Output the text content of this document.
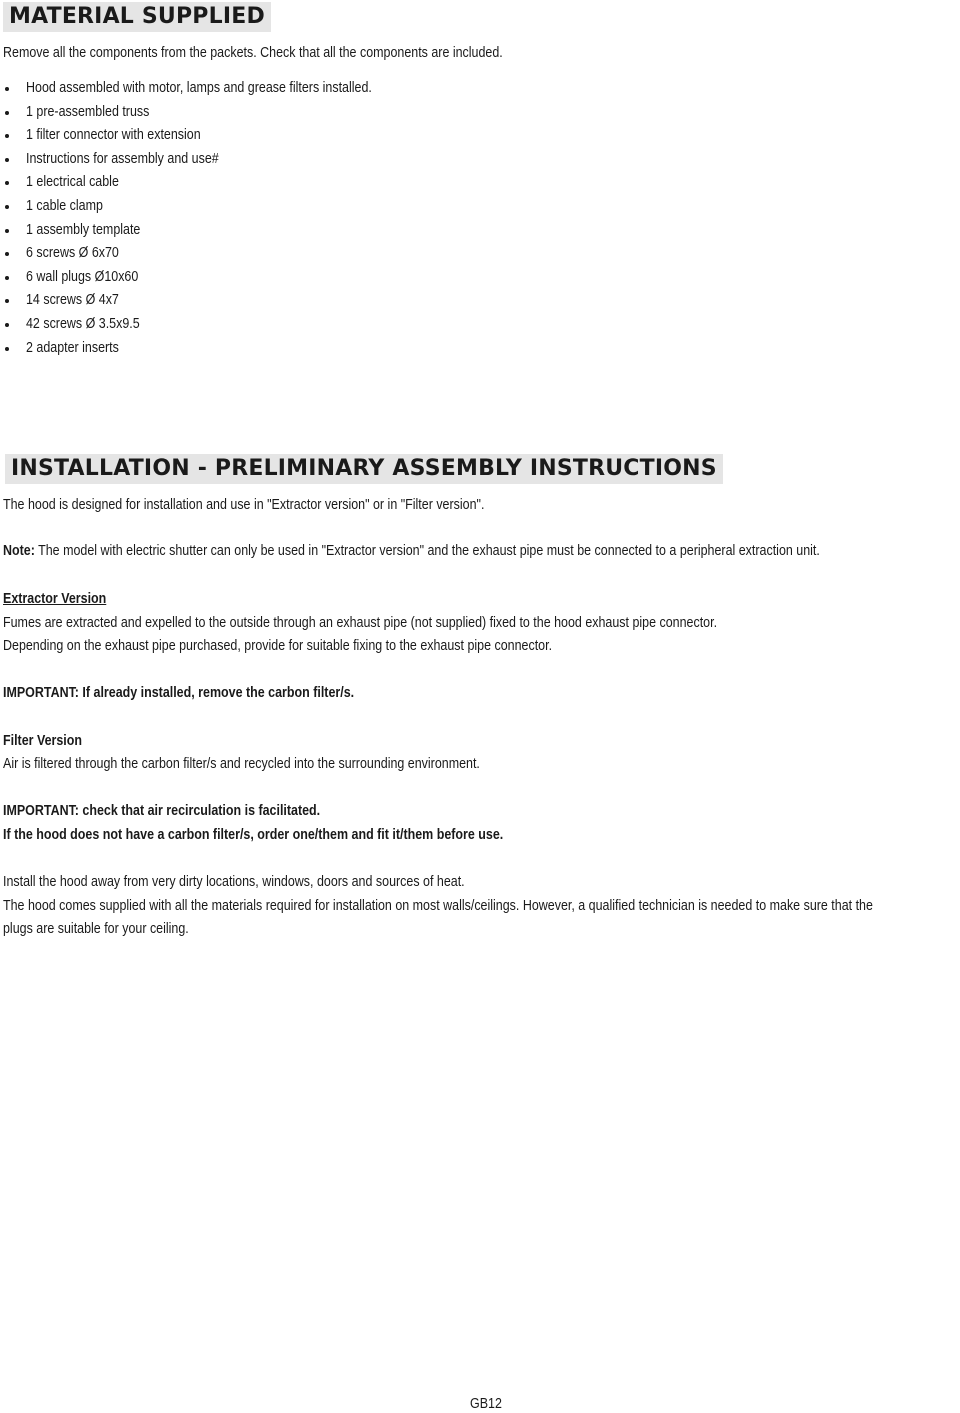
MATERIAL SUPPLIED
Remove all the components from the packets. Check that all the components are included.
Hood assembled with motor, lamps and grease filters installed.
1 pre-assembled truss
1 filter connector with extension
Instructions for assembly and use#
1 electrical cable
1 cable clamp
1 assembly template
6 screws Ø 6x70
6 wall plugs Ø10x60
14 screws Ø 4x7
42 screws Ø 3.5x9.5
2 adapter inserts
INSTALLATION - PRELIMINARY ASSEMBLY INSTRUCTIONS
The hood is designed for installation and use in "Extractor version" or in "Filter version".
Note: The model with electric shutter can only be used in "Extractor version" and the exhaust pipe must be connected to a peripheral extraction unit.
Extractor Version
Fumes are extracted and expelled to the outside through an exhaust pipe (not supplied) fixed to the hood exhaust pipe connector.
Depending on the exhaust pipe purchased, provide for suitable fixing to the exhaust pipe connector.
IMPORTANT: If already installed, remove the carbon filter/s.
Filter Version
Air is filtered through the carbon filter/s and recycled into the surrounding environment.
IMPORTANT: check that air recirculation is facilitated.
If the hood does not have a carbon filter/s, order one/them and fit it/them before use.
Install the hood away from very dirty locations, windows, doors and sources of heat.
The hood comes supplied with all the materials required for installation on most walls/ceilings. However, a qualified technician is needed to make sure that the
plugs are suitable for your ceiling.
GB12
